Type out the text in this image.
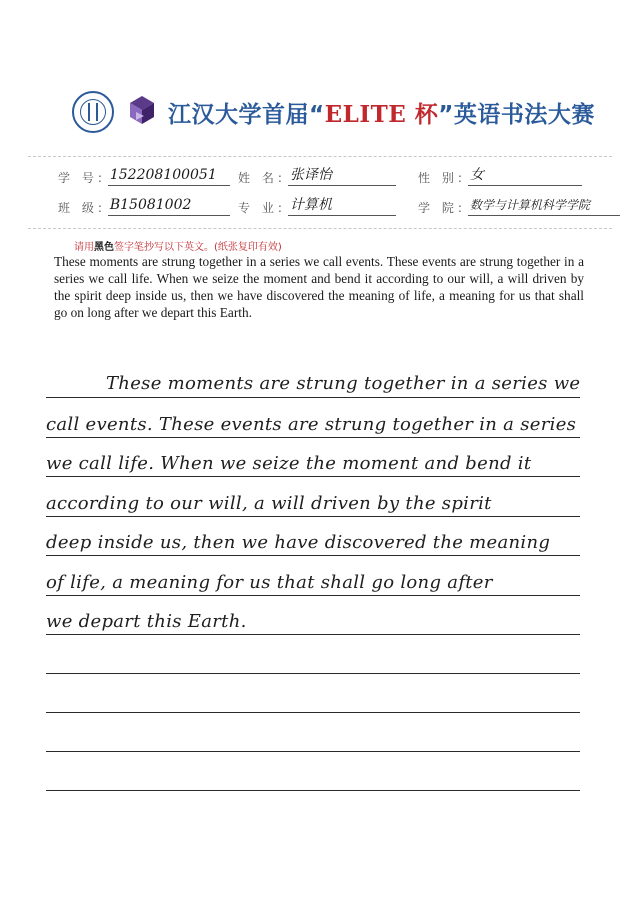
江汉大学首届“ELITE 杯”英语书法大赛
学 号: 152208100051	姓 名: 张译怡	性 别: 女
班 级: B15081002	专 业: 计算机	学 院: 数学与计算机科学学院
请用黑色签字笔抄写以下英文。(纸张复印有效)
These moments are strung together in a series we call events. These events are strung together in a series we call life. When we seize the moment and bend it according to our will, a will driven by the spirit deep inside us, then we have discovered the meaning of life, a meaning for us that shall go on long after we depart this Earth.
These moments are strung together in a series we
call events. These events are strung together in a series
we call life. When we seize the moment and bend it
according to our will, a will driven by the spirit
deep inside us, then we have discovered the meaning
of life, a meaning for us that shall go long after
we depart this Earth.
